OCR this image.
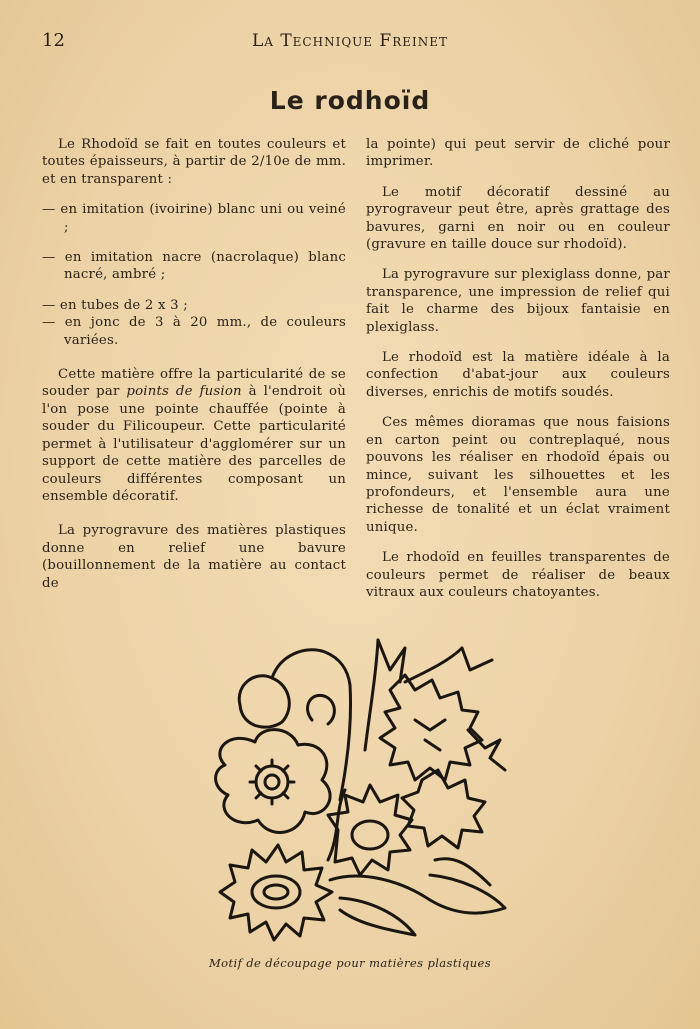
12	La Technique Freinet
Le rodhoïd

Le Rhodoïd se fait en toutes couleurs et toutes épaisseurs, à partir de 2/10e de mm. et en transparent :

— en imitation (ivoirine) blanc uni ou veiné ;

— en imitation nacre (nacrolaque) blanc nacré, ambré ;

— en tubes de 2 x 3 ;

— en jonc de 3 à 20 mm., de couleurs variées.

Cette matière offre la particularité de se souder par points de fusion à l'endroit où l'on pose une pointe chauffée (pointe à souder du Filicoupeur. Cette particularité permet à l'utilisateur d'agglomérer sur un support de cette matière des parcelles de couleurs différentes composant un ensemble décoratif.

La pyrogravure des matières plastiques donne en relief une bavure (bouillonnement de la matière au contact de

la pointe) qui peut servir de cliché pour imprimer.

Le motif décoratif dessiné au pyrograveur peut être, après grattage des bavures, garni en noir ou en couleur (gravure en taille douce sur rhodoïd).

La pyrogravure sur plexiglass donne, par transparence, une impression de relief qui fait le charme des bijoux fantaisie en plexiglass.

Le rhodoïd est la matière idéale à la confection d'abat-jour aux couleurs diverses, enrichis de motifs soudés.

Ces mêmes dioramas que nous faisions en carton peint ou contreplaqué, nous pouvons les réaliser en rhodoïd épais ou mince, suivant les silhouettes et les profondeurs, et l'ensemble aura une richesse de tonalité et un éclat vraiment unique.

Le rhodoïd en feuilles transparentes de couleurs permet de réaliser de beaux vitraux aux couleurs chatoyantes.

Motif de découpage pour matières plastiques
